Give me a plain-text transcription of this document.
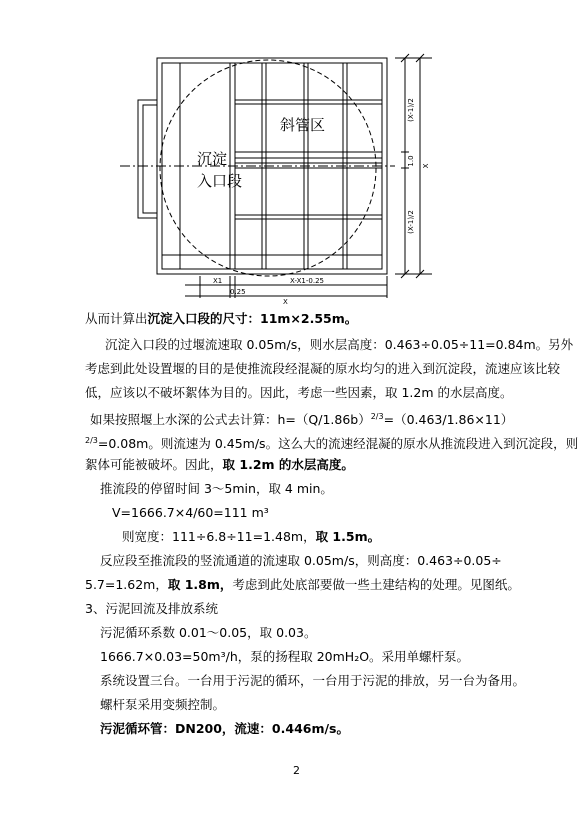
斜管区
沉淀
入口段
(X-1)/2
1.0
(X-1)/2
X
X1	X-X1-0.25
0.25
X
从而计算出沉淀入口段的尺寸：11m×2.55m。
沉淀入口段的过堰流速取 0.05m/s，则水层高度：0.463÷0.05÷11=0.84m。另外
考虑到此处设置堰的目的是使推流段经混凝的原水均匀的进入到沉淀段，流速应该比较
低，应该以不破坏絮体为目的。因此，考虑一些因素，取 1.2m 的水层高度。
如果按照堰上水深的公式去计算：$h=(Q/1.86b)^{2/3}=(0.463/1.86\times 11)$
$^{2/3}$=0.08m。则流速为 0.45m/s。这么大的流速经混凝的原水从推流段进入到沉淀段，则
絮体可能被破坏。因此，取 1.2m 的水层高度。
推流段的停留时间 3～5min，取 4 min。
V=1666.7×4/60=111 m³
则宽度：111÷6.8÷11=1.48m，取 1.5m。
反应段至推流段的竖流通道的流速取 0.05m/s，则高度：0.463÷0.05÷
5.7=1.62m，取 1.8m，考虑到此处底部要做一些土建结构的处理。见图纸。
3、污泥回流及排放系统
污泥循环系数 0.01～0.05，取 0.03。
1666.7×0.03=50m³/h，泵的扬程取 20mH₂O。采用单螺杆泵。
系统设置三台。一台用于污泥的循环，一台用于污泥的排放，另一台为备用。
螺杆泵采用变频控制。
污泥循环管：DN200，流速：0.446m/s。
2
